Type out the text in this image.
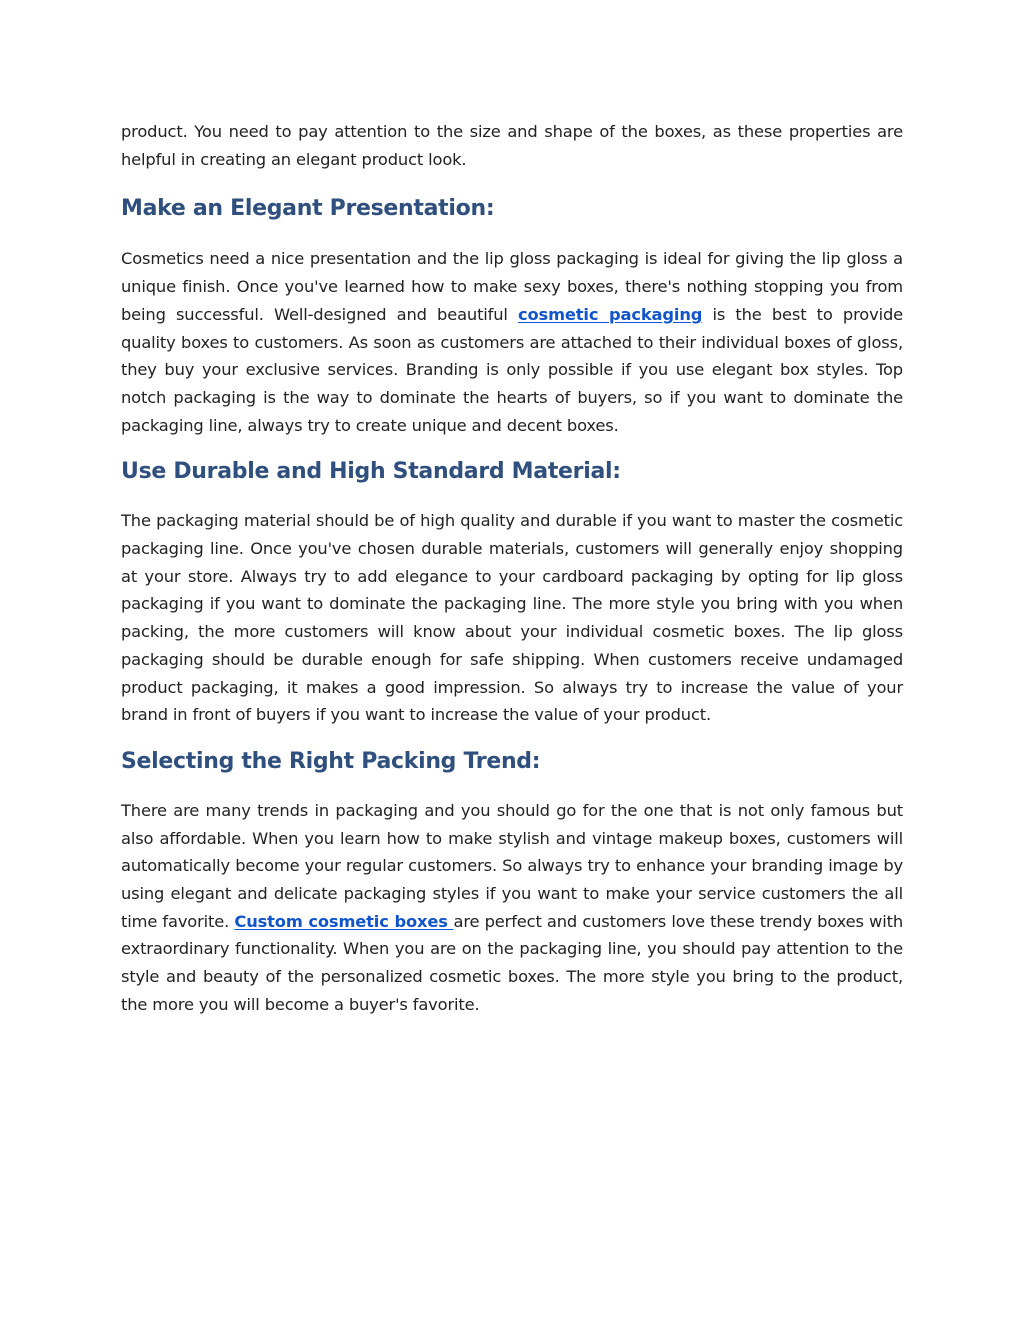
product. You need to pay attention to the size and shape of the boxes, as these properties are helpful in creating an elegant product look.

Make an Elegant Presentation:

Cosmetics need a nice presentation and the lip gloss packaging is ideal for giving the lip gloss a unique finish. Once you've learned how to make sexy boxes, there's nothing stopping you from being successful. Well-designed and beautiful cosmetic packaging is the best to provide quality boxes to customers. As soon as customers are attached to their individual boxes of gloss, they buy your exclusive services. Branding is only possible if you use elegant box styles. Top notch packaging is the way to dominate the hearts of buyers, so if you want to dominate the packaging line, always try to create unique and decent boxes.

Use Durable and High Standard Material:

The packaging material should be of high quality and durable if you want to master the cosmetic packaging line. Once you've chosen durable materials, customers will generally enjoy shopping at your store. Always try to add elegance to your cardboard packaging by opting for lip gloss packaging if you want to dominate the packaging line. The more style you bring with you when packing, the more customers will know about your individual cosmetic boxes. The lip gloss packaging should be durable enough for safe shipping. When customers receive undamaged product packaging, it makes a good impression. So always try to increase the value of your brand in front of buyers if you want to increase the value of your product.

Selecting the Right Packing Trend:

There are many trends in packaging and you should go for the one that is not only famous but also affordable. When you learn how to make stylish and vintage makeup boxes, customers will automatically become your regular customers. So always try to enhance your branding image by using elegant and delicate packaging styles if you want to make your service customers the all time favorite. Custom cosmetic boxes are perfect and customers love these trendy boxes with extraordinary functionality. When you are on the packaging line, you should pay attention to the style and beauty of the personalized cosmetic boxes. The more style you bring to the product, the more you will become a buyer's favorite.
